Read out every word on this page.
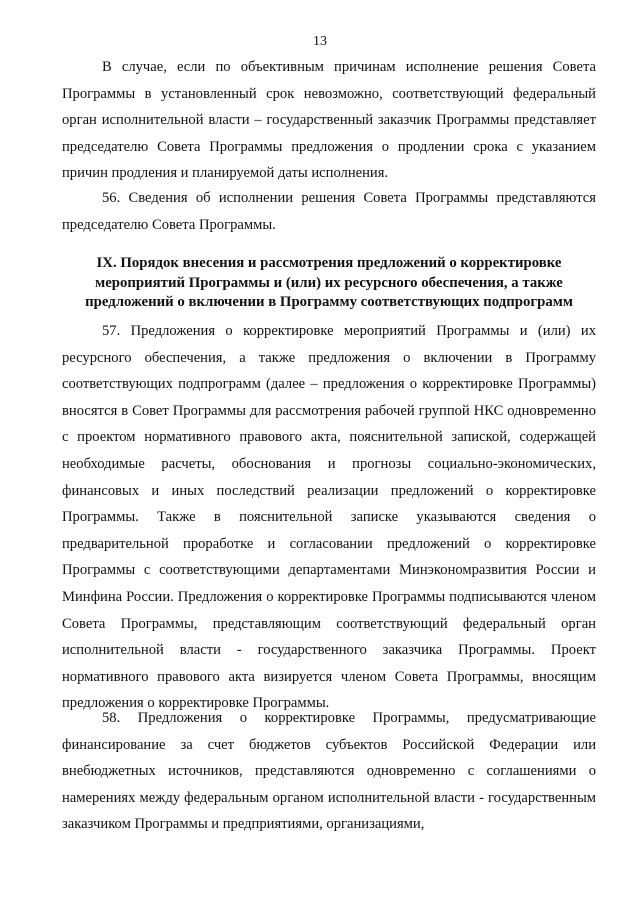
13

В случае, если по объективным причинам исполнение решения Совета Программы в установленный срок невозможно, соответствующий федеральный орган исполнительной власти – государственный заказчик Программы представляет председателю Совета Программы предложения о продлении срока с указанием причин продления и планируемой даты исполнения.

56. Сведения об исполнении решения Совета Программы представляются председателю Совета Программы.

IX. Порядок внесения и рассмотрения предложений о корректировке мероприятий Программы и (или) их ресурсного обеспечения, а также предложений о включении в Программу соответствующих подпрограмм

57. Предложения о корректировке мероприятий Программы и (или) их ресурсного обеспечения, а также предложения о включении в Программу соответствующих подпрограмм (далее – предложения о корректировке Программы) вносятся в Совет Программы для рассмотрения рабочей группой НКС одновременно с проектом нормативного правового акта, пояснительной запиской, содержащей необходимые расчеты, обоснования и прогнозы социально-экономических, финансовых и иных последствий реализации предложений о корректировке Программы. Также в пояснительной записке указываются сведения о предварительной проработке и согласовании предложений о корректировке Программы с соответствующими департаментами Минэкономразвития России и Минфина России. Предложения о корректировке Программы подписываются членом Совета Программы, представляющим соответствующий федеральный орган исполнительной власти - государственного заказчика Программы. Проект нормативного правового акта визируется членом Совета Программы, вносящим предложения о корректировке Программы.

58. Предложения о корректировке Программы, предусматривающие финансирование за счет бюджетов субъектов Российской Федерации или внебюджетных источников, представляются одновременно с соглашениями о намерениях между федеральным органом исполнительной власти - государственным заказчиком Программы и предприятиями, организациями,
